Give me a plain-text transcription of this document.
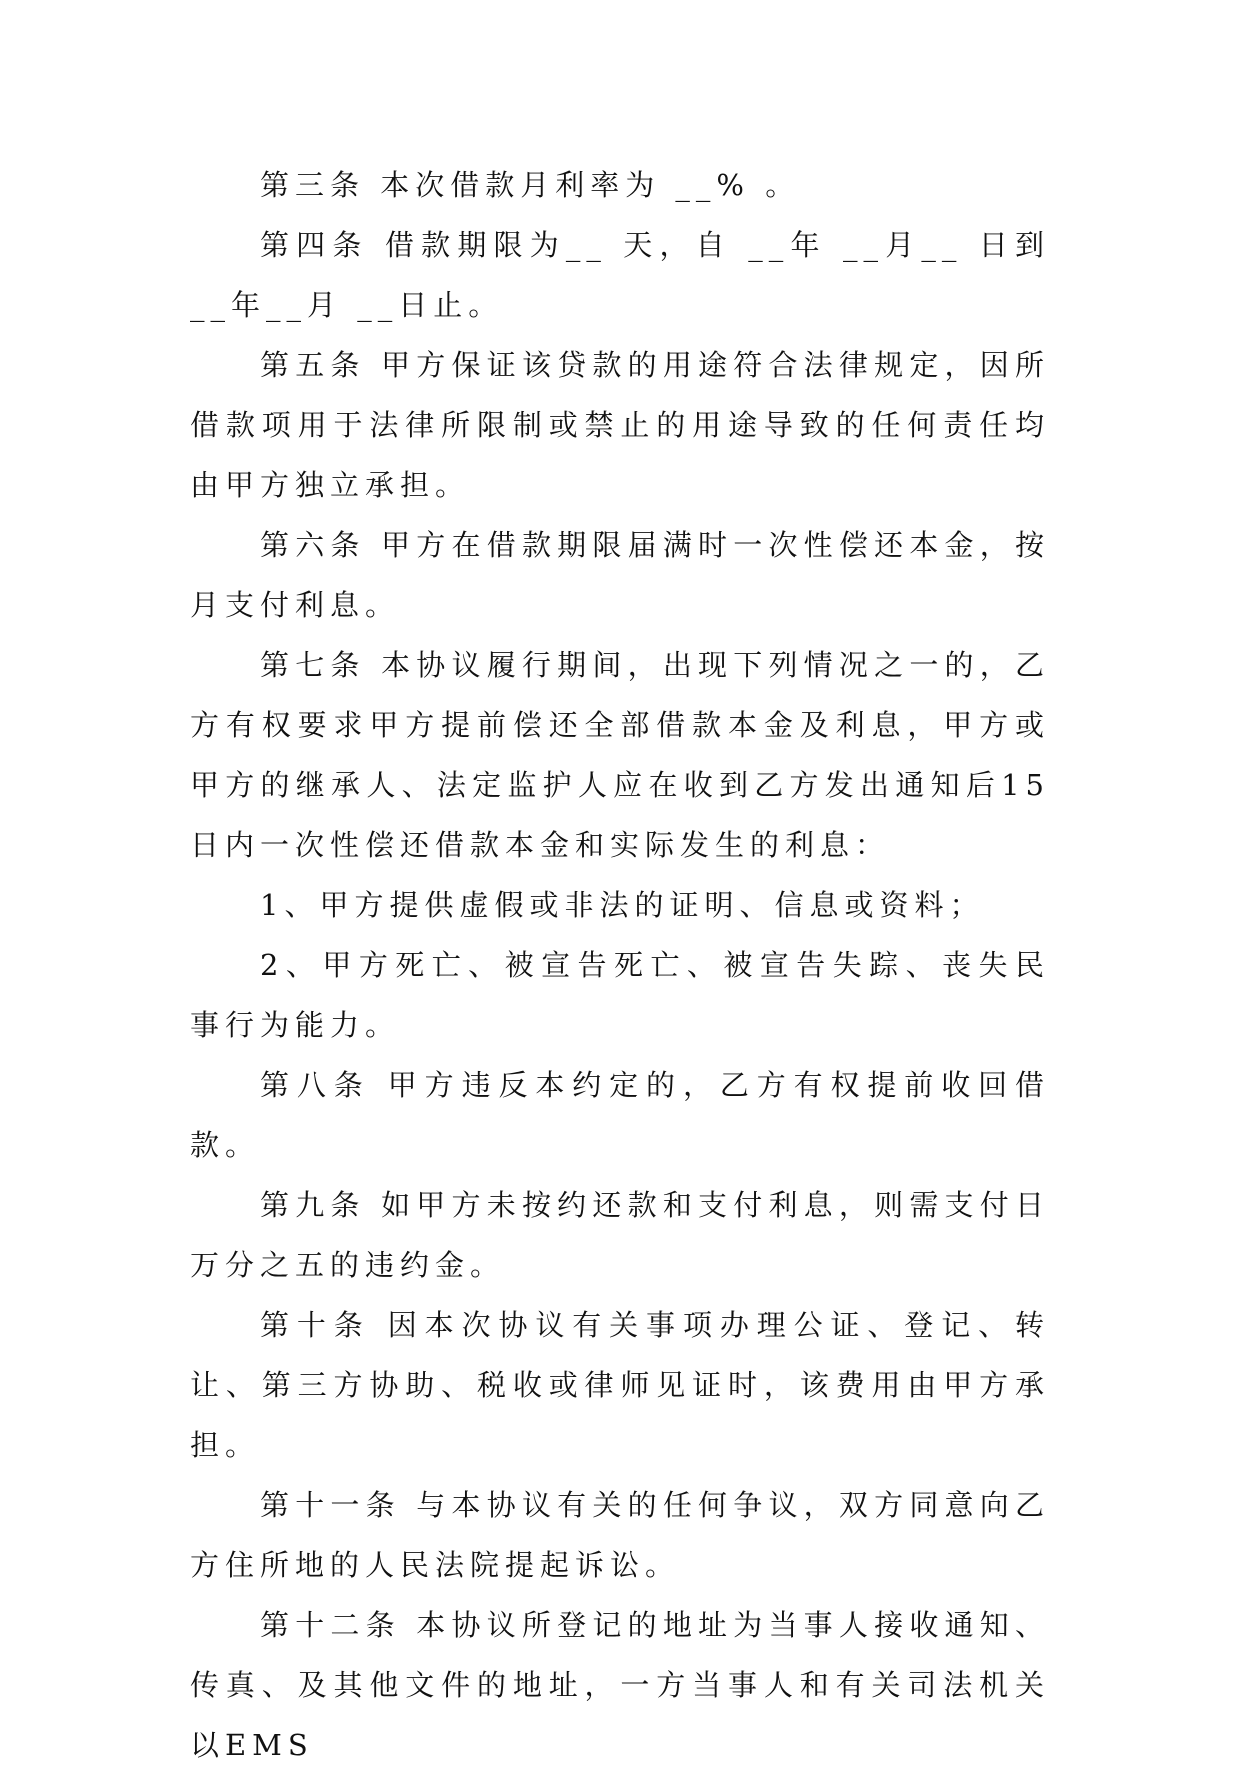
第三条 本次借款月利率为 __% 。

第四条 借款期限为__ 天，自 __年 __月__ 日到 __年__月 __日止。

第五条 甲方保证该贷款的用途符合法律规定，因所借款项用于法律所限制或禁止的用途导致的任何责任均由甲方独立承担。

第六条 甲方在借款期限届满时一次性偿还本金，按月支付利息。

第七条 本协议履行期间，出现下列情况之一的，乙方有权要求甲方提前偿还全部借款本金及利息，甲方或甲方的继承人、法定监护人应在收到乙方发出通知后15日内一次性偿还借款本金和实际发生的利息：

1、甲方提供虚假或非法的证明、信息或资料；

2、甲方死亡、被宣告死亡、被宣告失踪、丧失民事行为能力。

第八条 甲方违反本约定的，乙方有权提前收回借款。

第九条 如甲方未按约还款和支付利息，则需支付日万分之五的违约金。

第十条 因本次协议有关事项办理公证、登记、转让、第三方协助、税收或律师见证时，该费用由甲方承担。

第十一条 与本协议有关的任何争议，双方同意向乙方住所地的人民法院提起诉讼。

第十二条 本协议所登记的地址为当事人接收通知、传真、及其他文件的地址，一方当事人和有关司法机关以EMS
